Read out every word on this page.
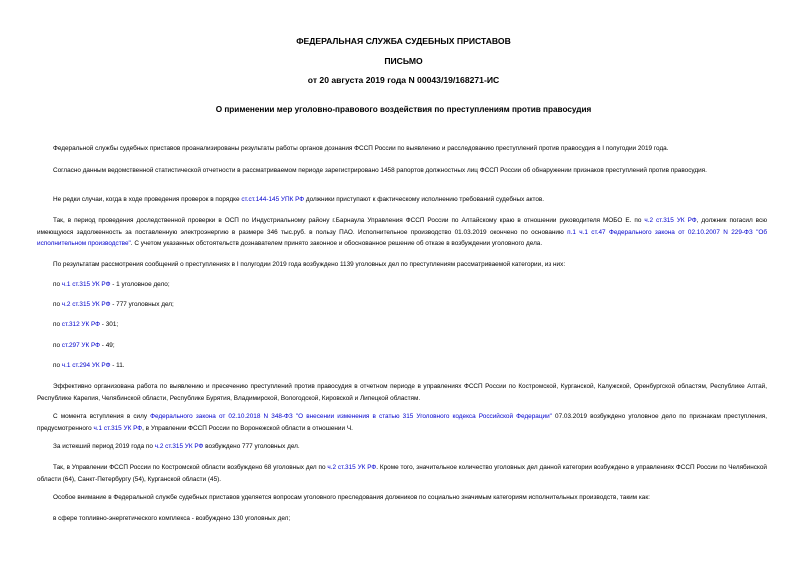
ФЕДЕРАЛЬНАЯ СЛУЖБА СУДЕБНЫХ ПРИСТАВОВ
ПИСЬМО
от 20 августа 2019 года N 00043/19/168271-ИС
О применении мер уголовно-правового воздействия по преступлениям против правосудия
Федеральной службы судебных приставов проанализированы результаты работы органов дознания ФССП России по выявлению и расследованию преступлений против правосудия в I полугодии 2019 года.
Согласно данным ведомственной статистической отчетности в рассматриваемом периоде зарегистрировано 1458 рапортов должностных лиц ФССП России об обнаружении признаков преступлений против правосудия.
Не редки случаи, когда в ходе проведения проверок в порядке ст.ст.144-145 УПК РФ должники приступают к фактическому исполнению требований судебных актов.
Так, в период проведения доследственной проверки в ОСП по Индустриальному району г.Барнаула Управления ФССП России по Алтайскому краю в отношении руководителя МОБО Е. по ч.2 ст.315 УК РФ, должник погасил всю имеющуюся задолженность за поставленную электроэнергию в размере 346 тыс.руб. в пользу ПАО. Исполнительное производство 01.03.2019 окончено по основанию п.1 ч.1 ст.47 Федерального закона от 02.10.2007 N 229-ФЗ "Об исполнительном производстве". С учетом указанных обстоятельств дознавателем принято законное и обоснованное решение об отказе в возбуждении уголовного дела.
По результатам рассмотрения сообщений о преступлениях в I полугодии 2019 года возбуждено 1139 уголовных дел по преступлениям рассматриваемой категории, из них:
по ч.1 ст.315 УК РФ - 1 уголовное дело;
по ч.2 ст.315 УК РФ - 777 уголовных дел;
по ст.312 УК РФ - 301;
по ст.297 УК РФ - 49;
по ч.1 ст.294 УК РФ - 11.
Эффективно организована работа по выявлению и пресечению преступлений против правосудия в отчетном периоде в управлениях ФССП России по Костромской, Курганской, Калужской, Оренбургской областям, Республике Алтай, Республике Карелия, Челябинской области, Республике Бурятия, Владимирской, Вологодской, Кировской и Липецкой областям.
С момента вступления в силу Федерального закона от 02.10.2018 N 348-ФЗ "О внесении изменения в статью 315 Уголовного кодекса Российской Федерации" 07.03.2019 возбуждено уголовное дело по признакам преступления, предусмотренного ч.1 ст.315 УК РФ, в Управлении ФССП России по Воронежской области в отношении Ч.
За истекший период 2019 года по ч.2 ст.315 УК РФ возбуждено 777 уголовных дел.
Так, в Управлении ФССП России по Костромской области возбуждено 68 уголовных дел по ч.2 ст.315 УК РФ. Кроме того, значительное количество уголовных дел данной категории возбуждено в управлениях ФССП России по Челябинской области (64), Санкт-Петербургу (54), Курганской области (45).
Особое внимание в Федеральной службе судебных приставов уделяется вопросам уголовного преследования должников по социально значимым категориям исполнительных производств, таким как:
в сфере топливно-энергетического комплекса - возбуждено 130 уголовных дел;
